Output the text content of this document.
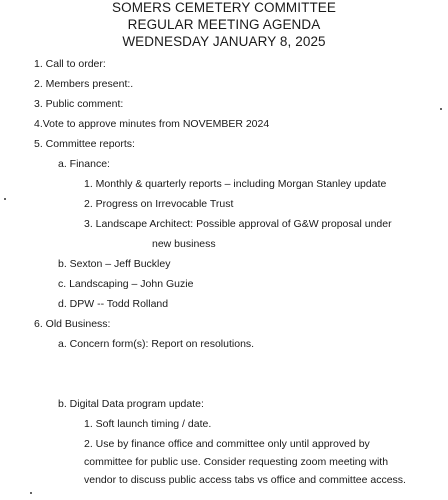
SOMERS CEMETERY COMMITTEE
REGULAR MEETING AGENDA
WEDNESDAY JANUARY 8, 2025
1. Call to order:
2. Members present:.
3. Public comment:
4.Vote to approve minutes from NOVEMBER 2024
5. Committee reports:
a. Finance:
1. Monthly & quarterly reports – including Morgan Stanley update
2. Progress on Irrevocable Trust
3. Landscape Architect: Possible approval of G&W proposal under
new business
b. Sexton – Jeff Buckley
c. Landscaping – John Guzie
d. DPW -- Todd Rolland
6. Old Business:
a. Concern form(s): Report on resolutions.
b. Digital Data program update:
1. Soft launch timing / date.
2. Use by finance office and committee only until approved by
committee for public use. Consider requesting zoom meeting with
vendor to discuss public access tabs vs office and committee access.
